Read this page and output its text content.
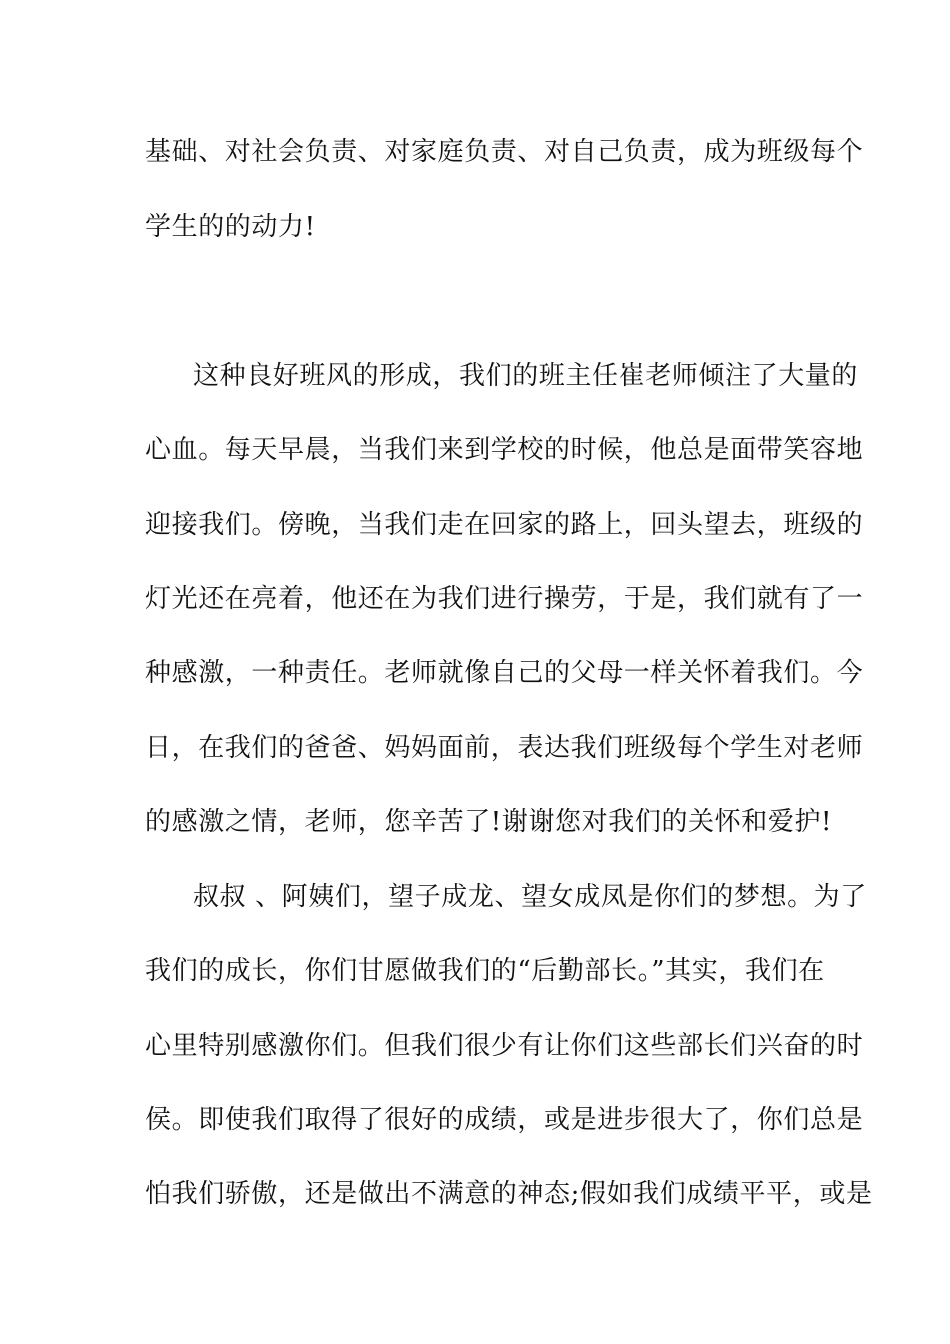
基础、对社会负责、对家庭负责、对自己负责，成为班级每个
学生的的动力!
这种良好班风的形成，我们的班主任崔老师倾注了大量的
心血。每天早晨，当我们来到学校的时候，他总是面带笑容地
迎接我们。傍晚，当我们走在回家的路上，回头望去，班级的
灯光还在亮着，他还在为我们进行操劳，于是，我们就有了一
种感激，一种责任。老师就像自己的父母一样关怀着我们。今
日，在我们的爸爸、妈妈面前，表达我们班级每个学生对老师
的感激之情，老师，您辛苦了!谢谢您对我们的关怀和爱护!
叔叔 、阿姨们，望子成龙、望女成凤是你们的梦想。为了
我们的成长，你们甘愿做我们的“后勤部长。”其实，我们在
心里特别感激你们。但我们很少有让你们这些部长们兴奋的时
侯。即使我们取得了很好的成绩，或是进步很大了，你们总是
怕我们骄傲，还是做出不满意的神态;假如我们成绩平平，或是
